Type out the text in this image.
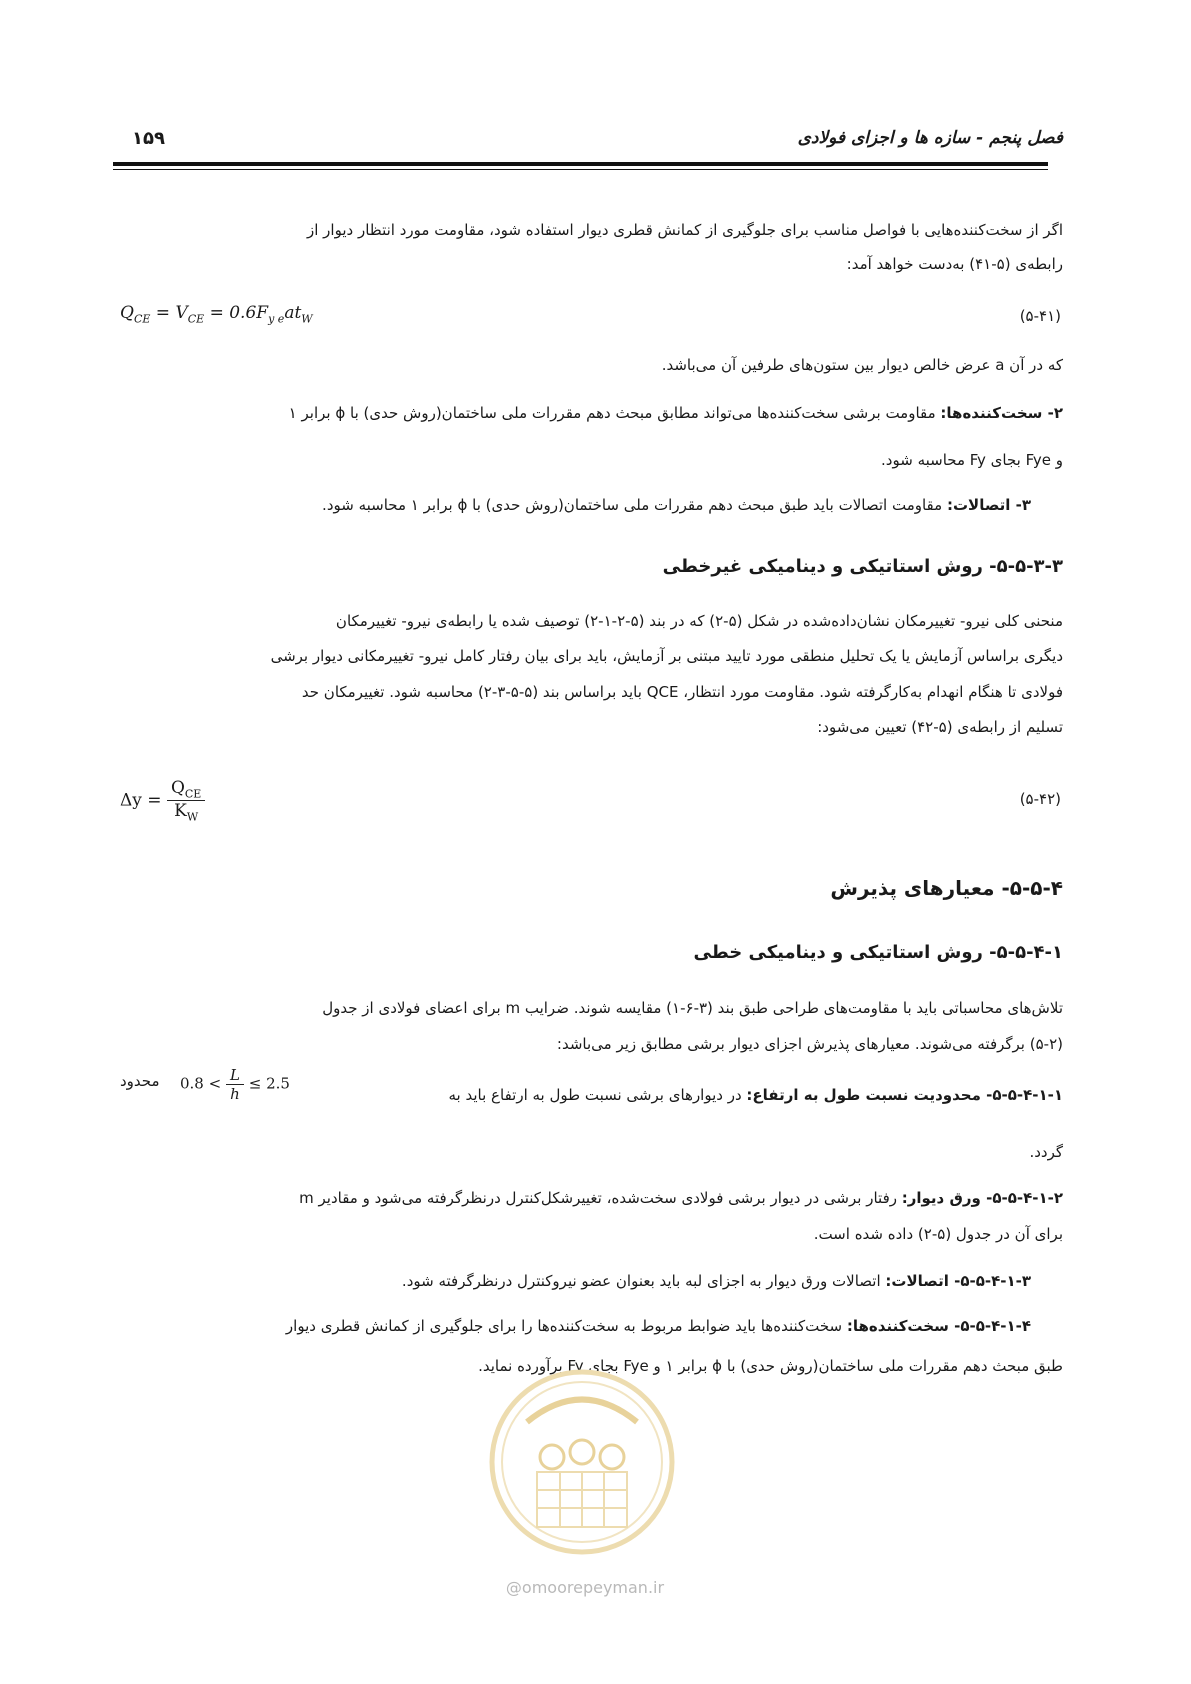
فصل پنجم - سازه ها و اجزای فولادی
۱۵۹
اگر از سخت‌کننده‌هایی با فواصل مناسب برای جلوگیری از کمانش قطری دیوار استفاده شود، مقاومت مورد انتظار دیوار از
رابطه‌ی (۵-۴۱) به‌دست خواهد آمد:
$Q_{CE} = V_{CE} = 0.6F_{y e}at_W$	(۵-۴۱)
که در آن a عرض خالص دیوار بین ستون‌های طرفین آن می‌باشد.
۲- سخت‌کننده‌ها: مقاومت برشی سخت‌کننده‌ها می‌تواند مطابق مبحث دهم مقررات ملی ساختمان(روش حدی) با ϕ برابر ۱
و Fye بجای Fy محاسبه شود.
۳- اتصالات: مقاومت اتصالات باید طبق مبحث دهم مقررات ملی ساختمان(روش حدی) با ϕ برابر ۱ محاسبه شود.
۵-۵-۳-۳- روش استاتیکی و دینامیکی غیرخطی
منحنی کلی نیرو- تغییرمکان نشان‌داده‌شده در شکل (۵-۲) که در بند (۵-۲-۱-۲) توصیف شده یا رابطه‌ی نیرو- تغییرمکان
دیگری براساس آزمایش یا یک تحلیل منطقی مورد تایید مبتنی بر آزمایش، باید برای بیان رفتار کامل نیرو- تغییرمکانی دیوار برشی
فولادی تا هنگام انهدام به‌کارگرفته شود. مقاومت مورد انتظار، QCE باید براساس بند (۵-۵-۳-۲) محاسبه شود. تغییرمکان حد
تسلیم از رابطه‌ی (۵-۴۲) تعیین می‌شود:
$\Delta y = \frac{Q_{CE}}{K_W}$	(۵-۴۲)
۵-۵-۴- معیارهای پذیرش
۵-۵-۴-۱- روش استاتیکی و دینامیکی خطی
تلاش‌های محاسباتی باید با مقاومت‌های طراحی طبق بند (۳-۶-۱) مقایسه شوند. ضرایب m برای اعضای فولادی از جدول
(۵-۲) برگرفته می‌شوند. معیارهای پذیرش اجزای دیوار برشی مطابق زیر می‌باشد:
۵-۵-۴-۱-۱- محدودیت نسبت طول به ارتفاع: در دیوارهای برشی نسبت طول به ارتفاع باید به
محدود $0.8 < \frac{L}{h} \le 2.5$
گردد.
۵-۵-۴-۱-۲- ورق دیوار: رفتار برشی در دیوار برشی فولادی سخت‌شده، تغییرشکل‌کنترل درنظرگرفته می‌شود و مقادیر m
برای آن در جدول (۵-۲) داده شده است.
۵-۵-۴-۱-۳- اتصالات: اتصالات ورق دیوار به اجزای لبه باید بعنوان عضو نیروکنترل درنظرگرفته شود.
۵-۵-۴-۱-۴- سخت‌کننده‌ها: سخت‌کننده‌ها باید ضوابط مربوط به سخت‌کننده‌ها را برای جلوگیری از کمانش قطری دیوار
طبق مبحث دهم مقررات ملی ساختمان(روش حدی) با ϕ برابر ۱ و Fye بجای Fy برآورده نماید.
@omoorepeyman.ir
